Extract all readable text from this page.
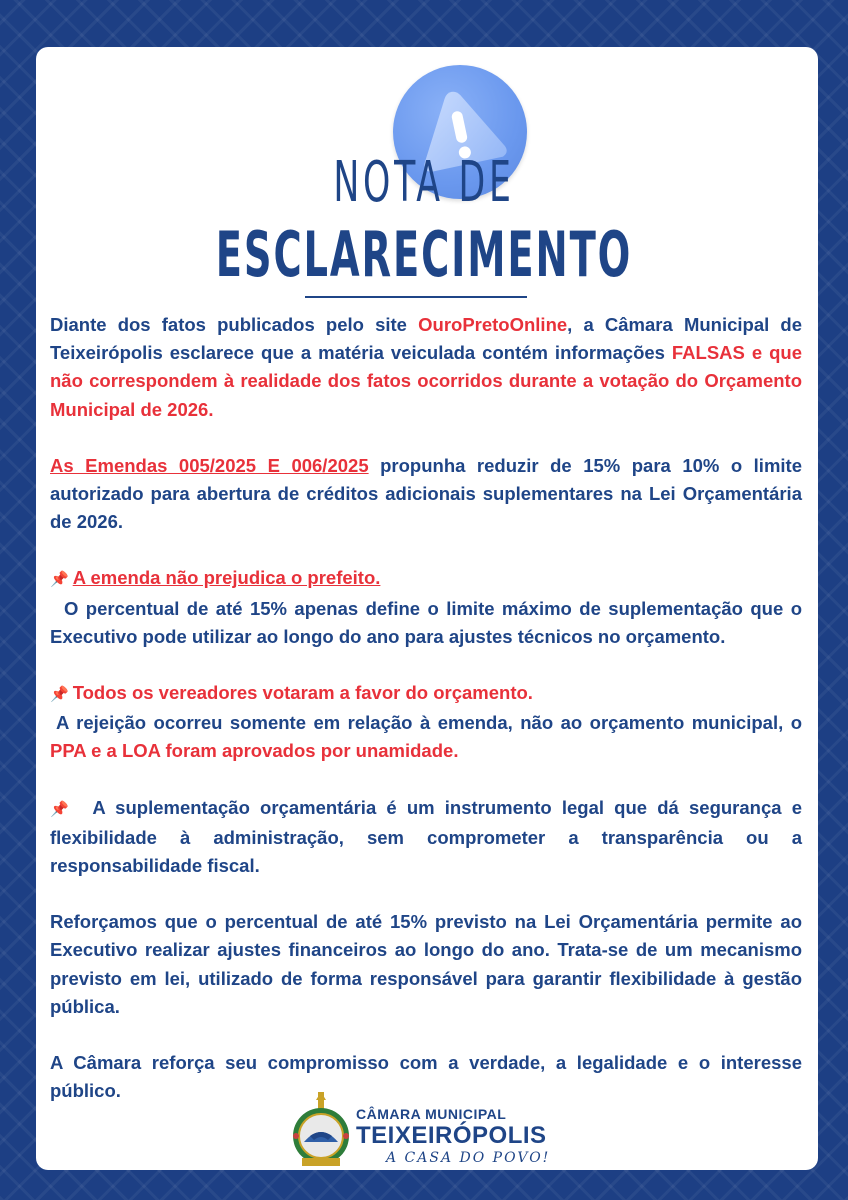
NOTA DE
ESCLARECIMENTO

Diante dos fatos publicados pelo site OuroPretoOnline, a Câmara Municipal de Teixeirópolis esclarece que a matéria veiculada contém informações FALSAS e que não correspondem à realidade dos fatos ocorridos durante a votação do Orçamento Municipal de 2026.

As Emendas 005/2025 E 006/2025 propunha reduzir de 15% para 10% o limite autorizado para abertura de créditos adicionais suplementares na Lei Orçamentária de 2026.

📌 A emenda não prejudica o prefeito.
O percentual de até 15% apenas define o limite máximo de suplementação que o Executivo pode utilizar ao longo do ano para ajustes técnicos no orçamento.

📌 Todos os vereadores votaram a favor do orçamento.
A rejeição ocorreu somente em relação à emenda, não ao orçamento municipal, o PPA e a LOA foram aprovados por unamidade.

📌 A suplementação orçamentária é um instrumento legal que dá segurança e flexibilidade à administração, sem comprometer a transparência ou a responsabilidade fiscal.

Reforçamos que o percentual de até 15% previsto na Lei Orçamentária permite ao Executivo realizar ajustes financeiros ao longo do ano. Trata-se de um mecanismo previsto em lei, utilizado de forma responsável para garantir flexibilidade à gestão pública.

A Câmara reforça seu compromisso com a verdade, a legalidade e o interesse público.

CÂMARA MUNICIPAL
TEIXEIRÓPOLIS
A CASA DO POVO!
